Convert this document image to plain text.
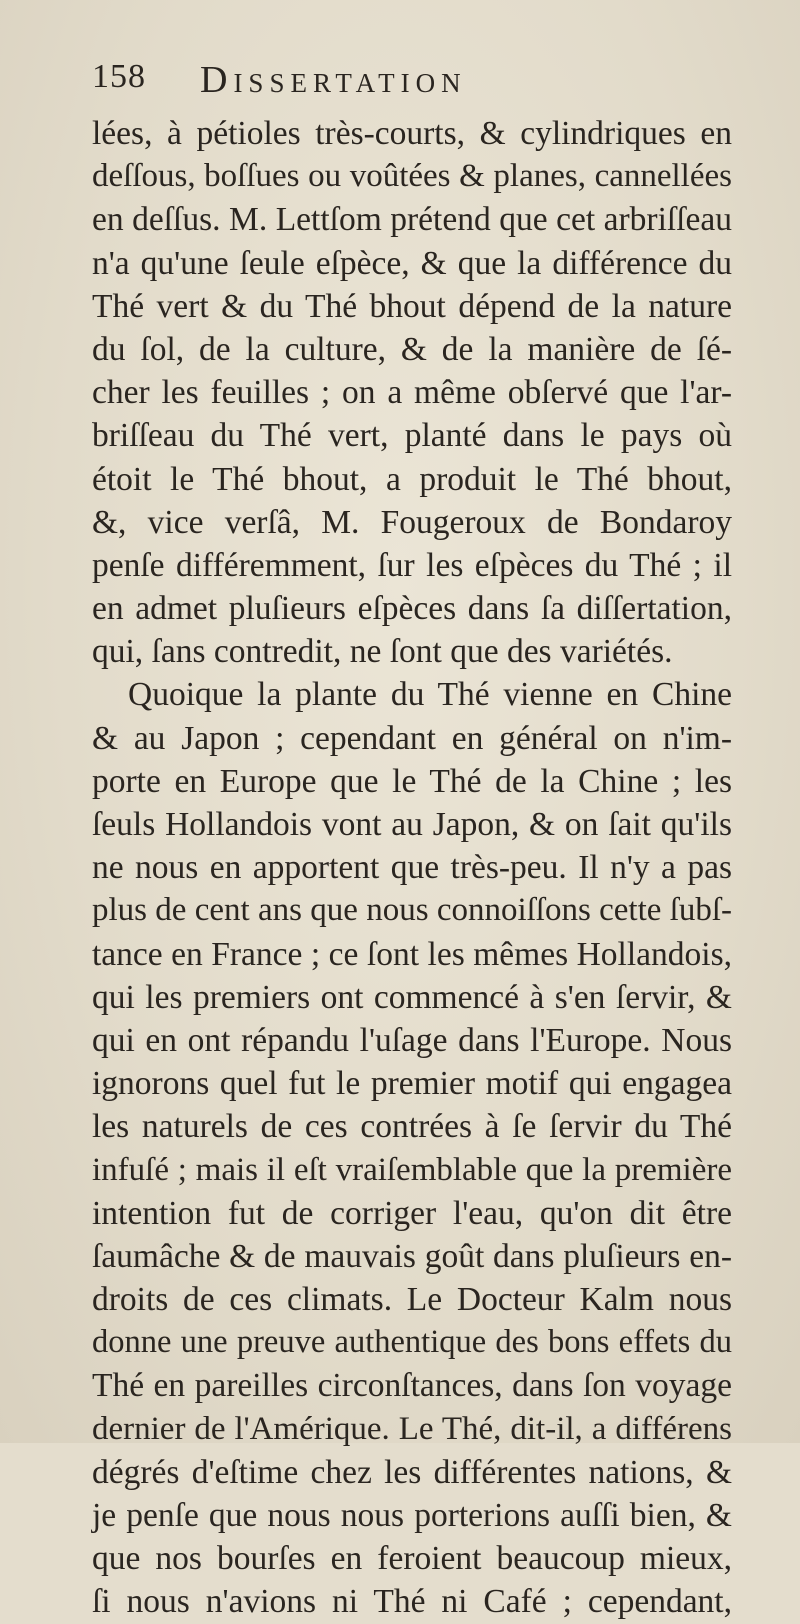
158 Dissertation
lées, à pétioles très-courts, & cylindriques en
deſſous, boſſues ou voûtées & planes, cannellées
en deſſus. M. Lettſom prétend que cet arbriſſeau
n'a qu'une ſeule eſpèce, & que la différence du
Thé vert & du Thé bhout dépend de la nature
du ſol, de la culture, & de la manière de ſé-
cher les feuilles ; on a même obſervé que l'ar-
briſſeau du Thé vert, planté dans le pays où
étoit le Thé bhout, a produit le Thé bhout,
&, vice verſâ, M. Fougeroux de Bondaroy
penſe différemment, ſur les eſpèces du Thé ; il
en admet pluſieurs eſpèces dans ſa diſſertation,
qui, ſans contredit, ne ſont que des variétés.
Quoique la plante du Thé vienne en Chine
& au Japon ; cependant en général on n'im-
porte en Europe que le Thé de la Chine ; les
ſeuls Hollandois vont au Japon, & on ſait qu'ils
ne nous en apportent que très-peu. Il n'y a pas
plus de cent ans que nous connoiſſons cette ſubſ-
tance en France ; ce ſont les mêmes Hollandois,
qui les premiers ont commencé à s'en ſervir, &
qui en ont répandu l'uſage dans l'Europe. Nous
ignorons quel fut le premier motif qui engagea
les naturels de ces contrées à ſe ſervir du Thé
infuſé ; mais il eſt vraiſemblable que la première
intention fut de corriger l'eau, qu'on dit être
ſaumâche & de mauvais goût dans pluſieurs en-
droits de ces climats. Le Docteur Kalm nous
donne une preuve authentique des bons effets du
Thé en pareilles circonſtances, dans ſon voyage
dernier de l'Amérique. Le Thé, dit-il, a différens
dégrés d'eſtime chez les différentes nations, &
je penſe que nous nous porterions auſſi bien, &
que nos bourſes en feroient beaucoup mieux,
ſi nous n'avions ni Thé ni Café ; cependant,
